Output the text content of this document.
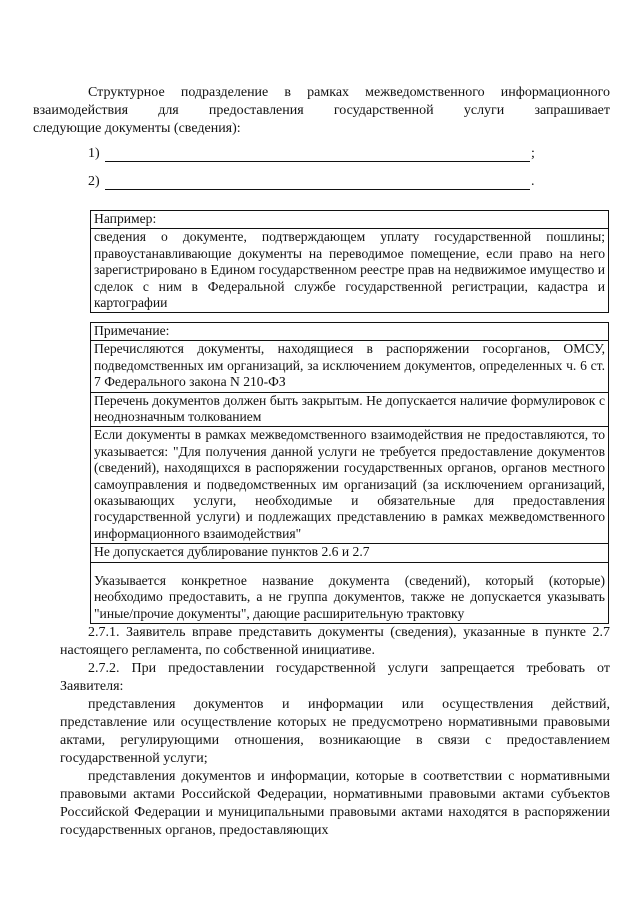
Структурное подразделение в рамках межведомственного информационного

взаимодействия для предоставления государственной услуги запрашивает

следующие документы (сведения):

1)	;
2)	.
Например:
сведения о документе, подтверждающем уплату государственной пошлины; правоустанавливающие документы на переводимое помещение, если право на него зарегистрировано в Едином государственном реестре прав на недвижимое имущество и сделок с ним в Федеральной службе государственной регистрации, кадастра и картографии
Примечание:
Перечисляются документы, находящиеся в распоряжении госорганов, ОМСУ, подведомственных им организаций, за исключением документов, определенных ч. 6 ст. 7 Федерального закона N 210-ФЗ
Перечень документов должен быть закрытым. Не допускается наличие формулировок с неоднозначным толкованием
Если документы в рамках межведомственного взаимодействия не предоставляются, то указывается: "Для получения данной услуги не требуется предоставление документов (сведений), находящихся в распоряжении государственных органов, органов местного самоуправления и подведомственных им организаций (за исключением организаций, оказывающих услуги, необходимые и обязательные для предоставления государственной услуги) и подлежащих представлению в рамках межведомственного информационного взаимодействия"
Не допускается дублирование пунктов 2.6 и 2.7
Указывается конкретное название документа (сведений), который (которые) необходимо предоставить, а не группа документов, также не допускается указывать "иные/прочие документы", дающие расширительную трактовку

2.7.1. Заявитель вправе представить документы (сведения), указанные в пункте 2.7 настоящего регламента, по собственной инициативе.

2.7.2. При предоставлении государственной услуги запрещается требовать от Заявителя:

представления документов и информации или осуществления действий, представление или осуществление которых не предусмотрено нормативными правовыми актами, регулирующими отношения, возникающие в связи с предоставлением государственной услуги;

представления документов и информации, которые в соответствии с нормативными правовыми актами Российской Федерации, нормативными правовыми актами субъектов Российской Федерации и муниципальными правовыми актами находятся в распоряжении государственных органов, предоставляющих
